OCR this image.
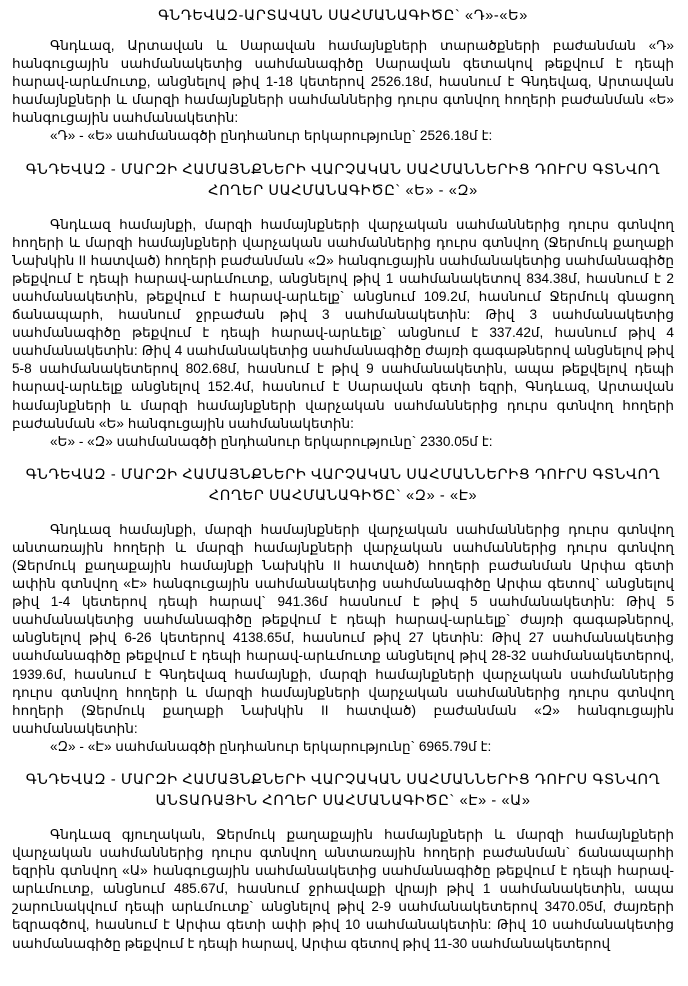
ԳՆԴԵՎԱԶ-ԱՐՏԱՎԱՆ ՍԱՀՄԱՆԱԳԻԾԸ` «Դ»-«Ե»

Գնդևազ, Արտավան և Սարավան համայնքների տարածքների բաժանման «Դ» հանգուցային սահմանակետից սահմանագիծը Սարավան գետակով թեքվում է դեպի հարավ-արևմուտք, անցնելով թիվ 1-18 կետերով 2526.18մ, հասնում է Գնդեվազ, Արտավան համայնքների և մարզի համայնքների սահմաններից դուրս գտնվող հողերի բաժանման «Ե» հանգուցային սահմանակետին:

«Դ» - «Ե» սահմանագծի ընդհանուր երկարությունը` 2526.18մ է:

ԳՆԴԵՎԱԶ - ՄԱՐԶԻ ՀԱՄԱՅՆՔՆԵՐԻ ՎԱՐՉԱԿԱՆ ՍԱՀՄԱՆՆԵՐԻՑ ԴՈՒՐՍ ԳՏՆՎՈՂ ՀՈՂԵՐ ՍԱՀՄԱՆԱԳԻԾԸ` «Ե» - «Զ»

Գնդևազ համայնքի, մարզի համայնքների վարչական սահմաններից դուրս գտնվող հողերի և մարզի համայնքների վարչական սահմաններից դուրս գտնվող (Ջերմուկ քաղաքի Նախկին II հատված) հողերի բաժանման «Զ» հանգուցային սահմանակետից սահմանագիծը թեքվում է դեպի հարավ-արևմուտք, անցնելով թիվ 1 սահմանակետով 834.38մ, հասնում է 2 սահմանակետին, թեքվում է հարավ-արևելք` անցնում 109.2մ, հասնում Ջերմուկ գնացող ճանապարհ, հասնում ջրբաժան թիվ 3 սահմանակետին: Թիվ 3 սահմանակետից սահմանագիծը թեքվում է դեպի հարավ-արևելք` անցնում է 337.42մ, հասնում թիվ 4 սահմանակետին: Թիվ 4 սահմանակետից սահմանագիծը ժայռի գագաթներով անցնելով թիվ 5-8 սահմանակետերով 802.68մ, հասնում է թիվ 9 սահմանակետին, ապա թեքվելով դեպի հարավ-արևելք անցնելով 152.4մ, հասնում է Սարավան գետի եզրի, Գնդևազ, Արտավան համայնքների և մարզի համայնքների վարչական սահմաններից դուրս գտնվող հողերի բաժանման «Ե» հանգուցային սահմանակետին:

«Ե» - «Զ» սահմանագծի ընդհանուր երկարությունը` 2330.05մ է:

ԳՆԴԵՎԱԶ - ՄԱՐԶԻ ՀԱՄԱՅՆՔՆԵՐԻ ՎԱՐՉԱԿԱՆ ՍԱՀՄԱՆՆԵՐԻՑ ԴՈՒՐՍ ԳՏՆՎՈՂ ՀՈՂԵՐ ՍԱՀՄԱՆԱԳԻԾԸ` «Զ» - «Է»

Գնդևազ համայնքի, մարզի համայնքների վարչական սահմաններից դուրս գտնվող անտառային հողերի և մարզի համայնքների վարչական սահմաններից դուրս գտնվող (Ջերմուկ քաղաքային համայնքի Նախկին II հատված) հողերի բաժանման Արփա գետի ափին գտնվող «Է» հանգուցային սահմանակետից սահմանագիծը Արփա գետով` անցնելով թիվ 1-4 կետերով դեպի հարավ` 941.36մ հասնում է թիվ 5 սահմանակետին: Թիվ 5 սահմանակետից սահմանագիծը թեքվում է դեպի հարավ-արևելք` ժայռի գագաթներով, անցնելով թիվ 6-26 կետերով 4138.65մ, հասնում թիվ 27 կետին: Թիվ 27 սահմանակետից սահմանագիծը թեքվում է դեպի հարավ-արևմուտք անցնելով թիվ 28-32 սահմանակետերով, 1939.6մ, հասնում է Գնդեվազ համայնքի, մարզի համայնքների վարչական սահմաններից դուրս գտնվող հողերի և մարզի համայնքների վարչական սահմաններից դուրս գտնվող հողերի (Ջերմուկ քաղաքի Նախկին II հատված) բաժանման «Զ» հանգուցային սահմանակետին:

«Զ» - «Է» սահմանագծի ընդհանուր երկարությունը` 6965.79մ է:

ԳՆԴԵՎԱԶ - ՄԱՐԶԻ ՀԱՄԱՅՆՔՆԵՐԻ ՎԱՐՉԱԿԱՆ ՍԱՀՄԱՆՆԵՐԻՑ ԴՈՒՐՍ ԳՏՆՎՈՂ ԱՆՏԱՌԱՅԻՆ ՀՈՂԵՐ ՍԱՀՄԱՆԱԳԻԾԸ` «Է» - «Ա»

Գնդևազ գյուղական, Ջերմուկ քաղաքային համայնքների և մարզի համայնքների վարչական սահմաններից դուրս գտնվող անտառային հողերի բաժանման` ճանապարհի եզրին գտնվող «Ա» հանգուցային սահմանակետից սահմանագիծը թեքվում է դեպի հարավ-արևմուտք, անցնում 485.67մ, հասնում ջրհավաքի վրայի թիվ 1 սահմանակետին, ապա շարունակվում դեպի արևմուտք` անցնելով թիվ 2-9 սահմանակետերով 3470.05մ, ժայռերի եզրագծով, հասնում է Արփա գետի ափի թիվ 10 սահմանակետին: Թիվ 10 սահմանակետից սահմանագիծը թեքվում է դեպի հարավ, Արփա գետով թիվ 11-30 սահմանակետերով
